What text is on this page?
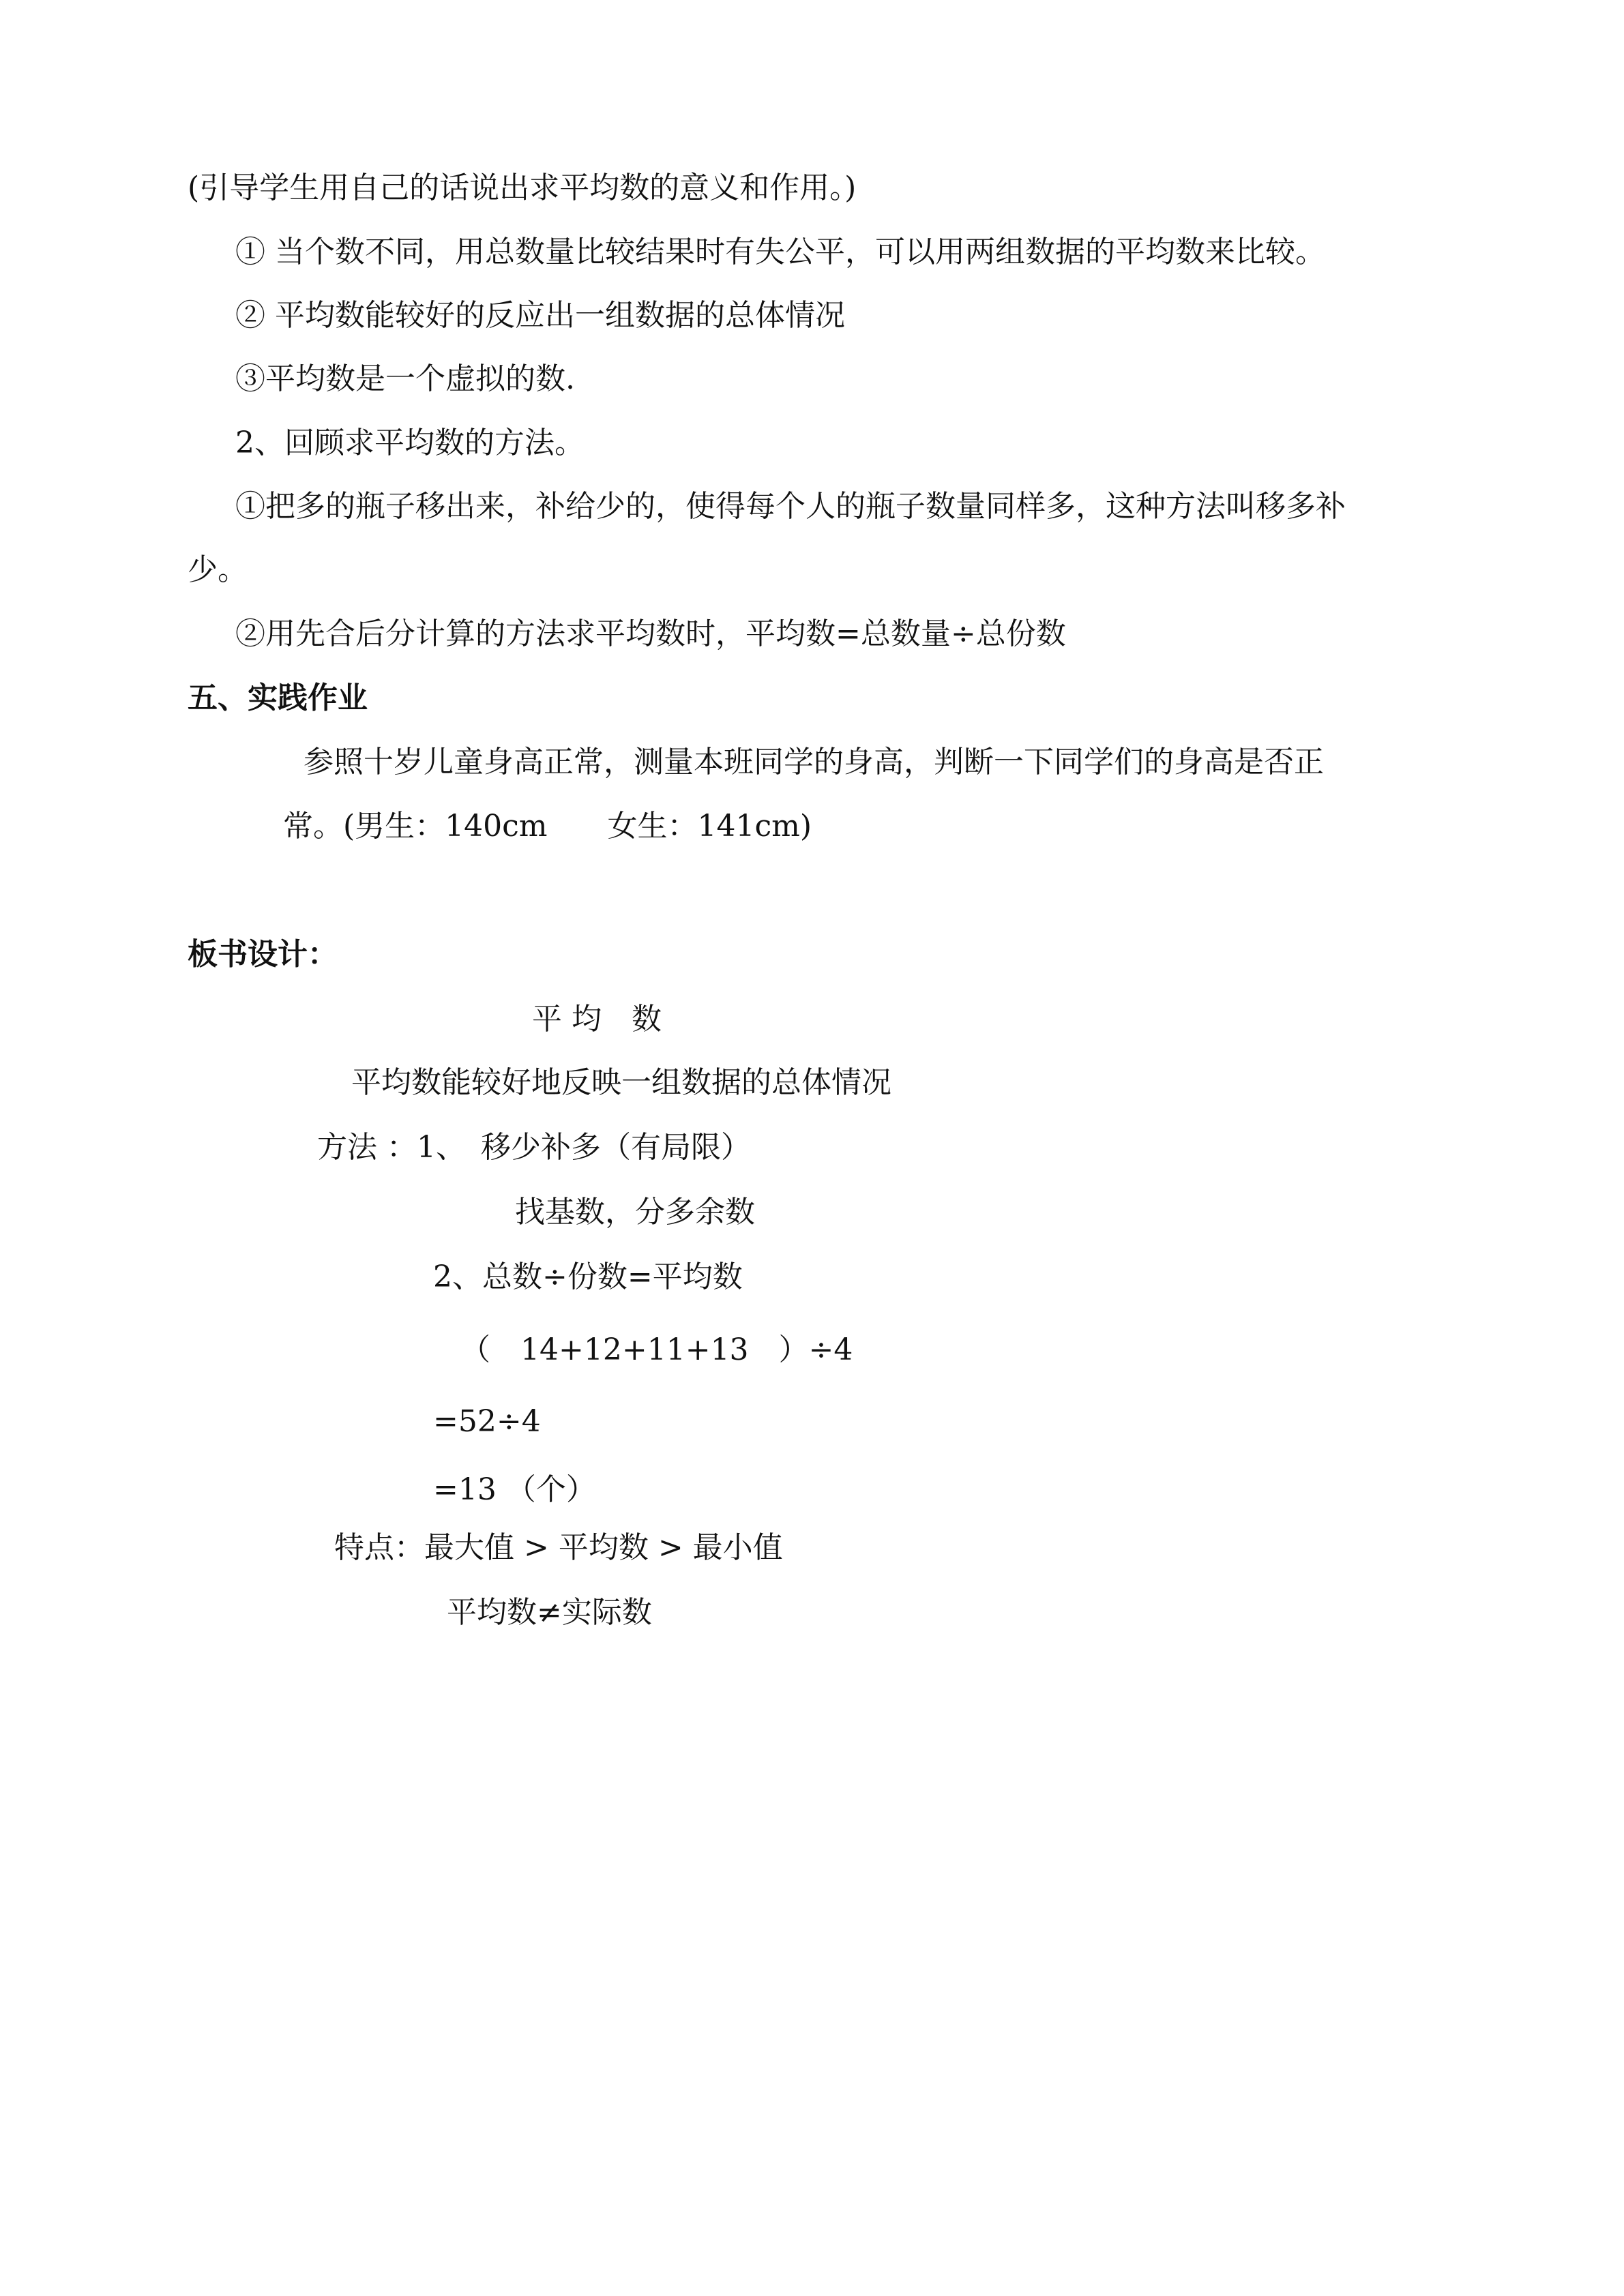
(引导学生用自己的话说出求平均数的意义和作用。)
① 当个数不同，用总数量比较结果时有失公平，可以用两组数据的平均数来比较。
② 平均数能较好的反应出一组数据的总体情况
③平均数是一个虚拟的数.
2、回顾求平均数的方法。
①把多的瓶子移出来，补给少的，使得每个人的瓶子数量同样多，这种方法叫移多补
少。
②用先合后分计算的方法求平均数时，平均数=总数量÷总份数
五、实践作业
参照十岁儿童身高正常，测量本班同学的身高，判断一下同学们的身高是否正
常。(男生：140cm　　女生：141cm)
板书设计：
平 均　数
平均数能较好地反映一组数据的总体情况
方法 ：1、　移少补多（有局限）
找基数，分多余数
2、总数÷份数=平均数
（　14+12+11+13　）÷4
=52÷4
=13 （个）
特点：最大值 > 平均数 > 最小值
平均数≠实际数
